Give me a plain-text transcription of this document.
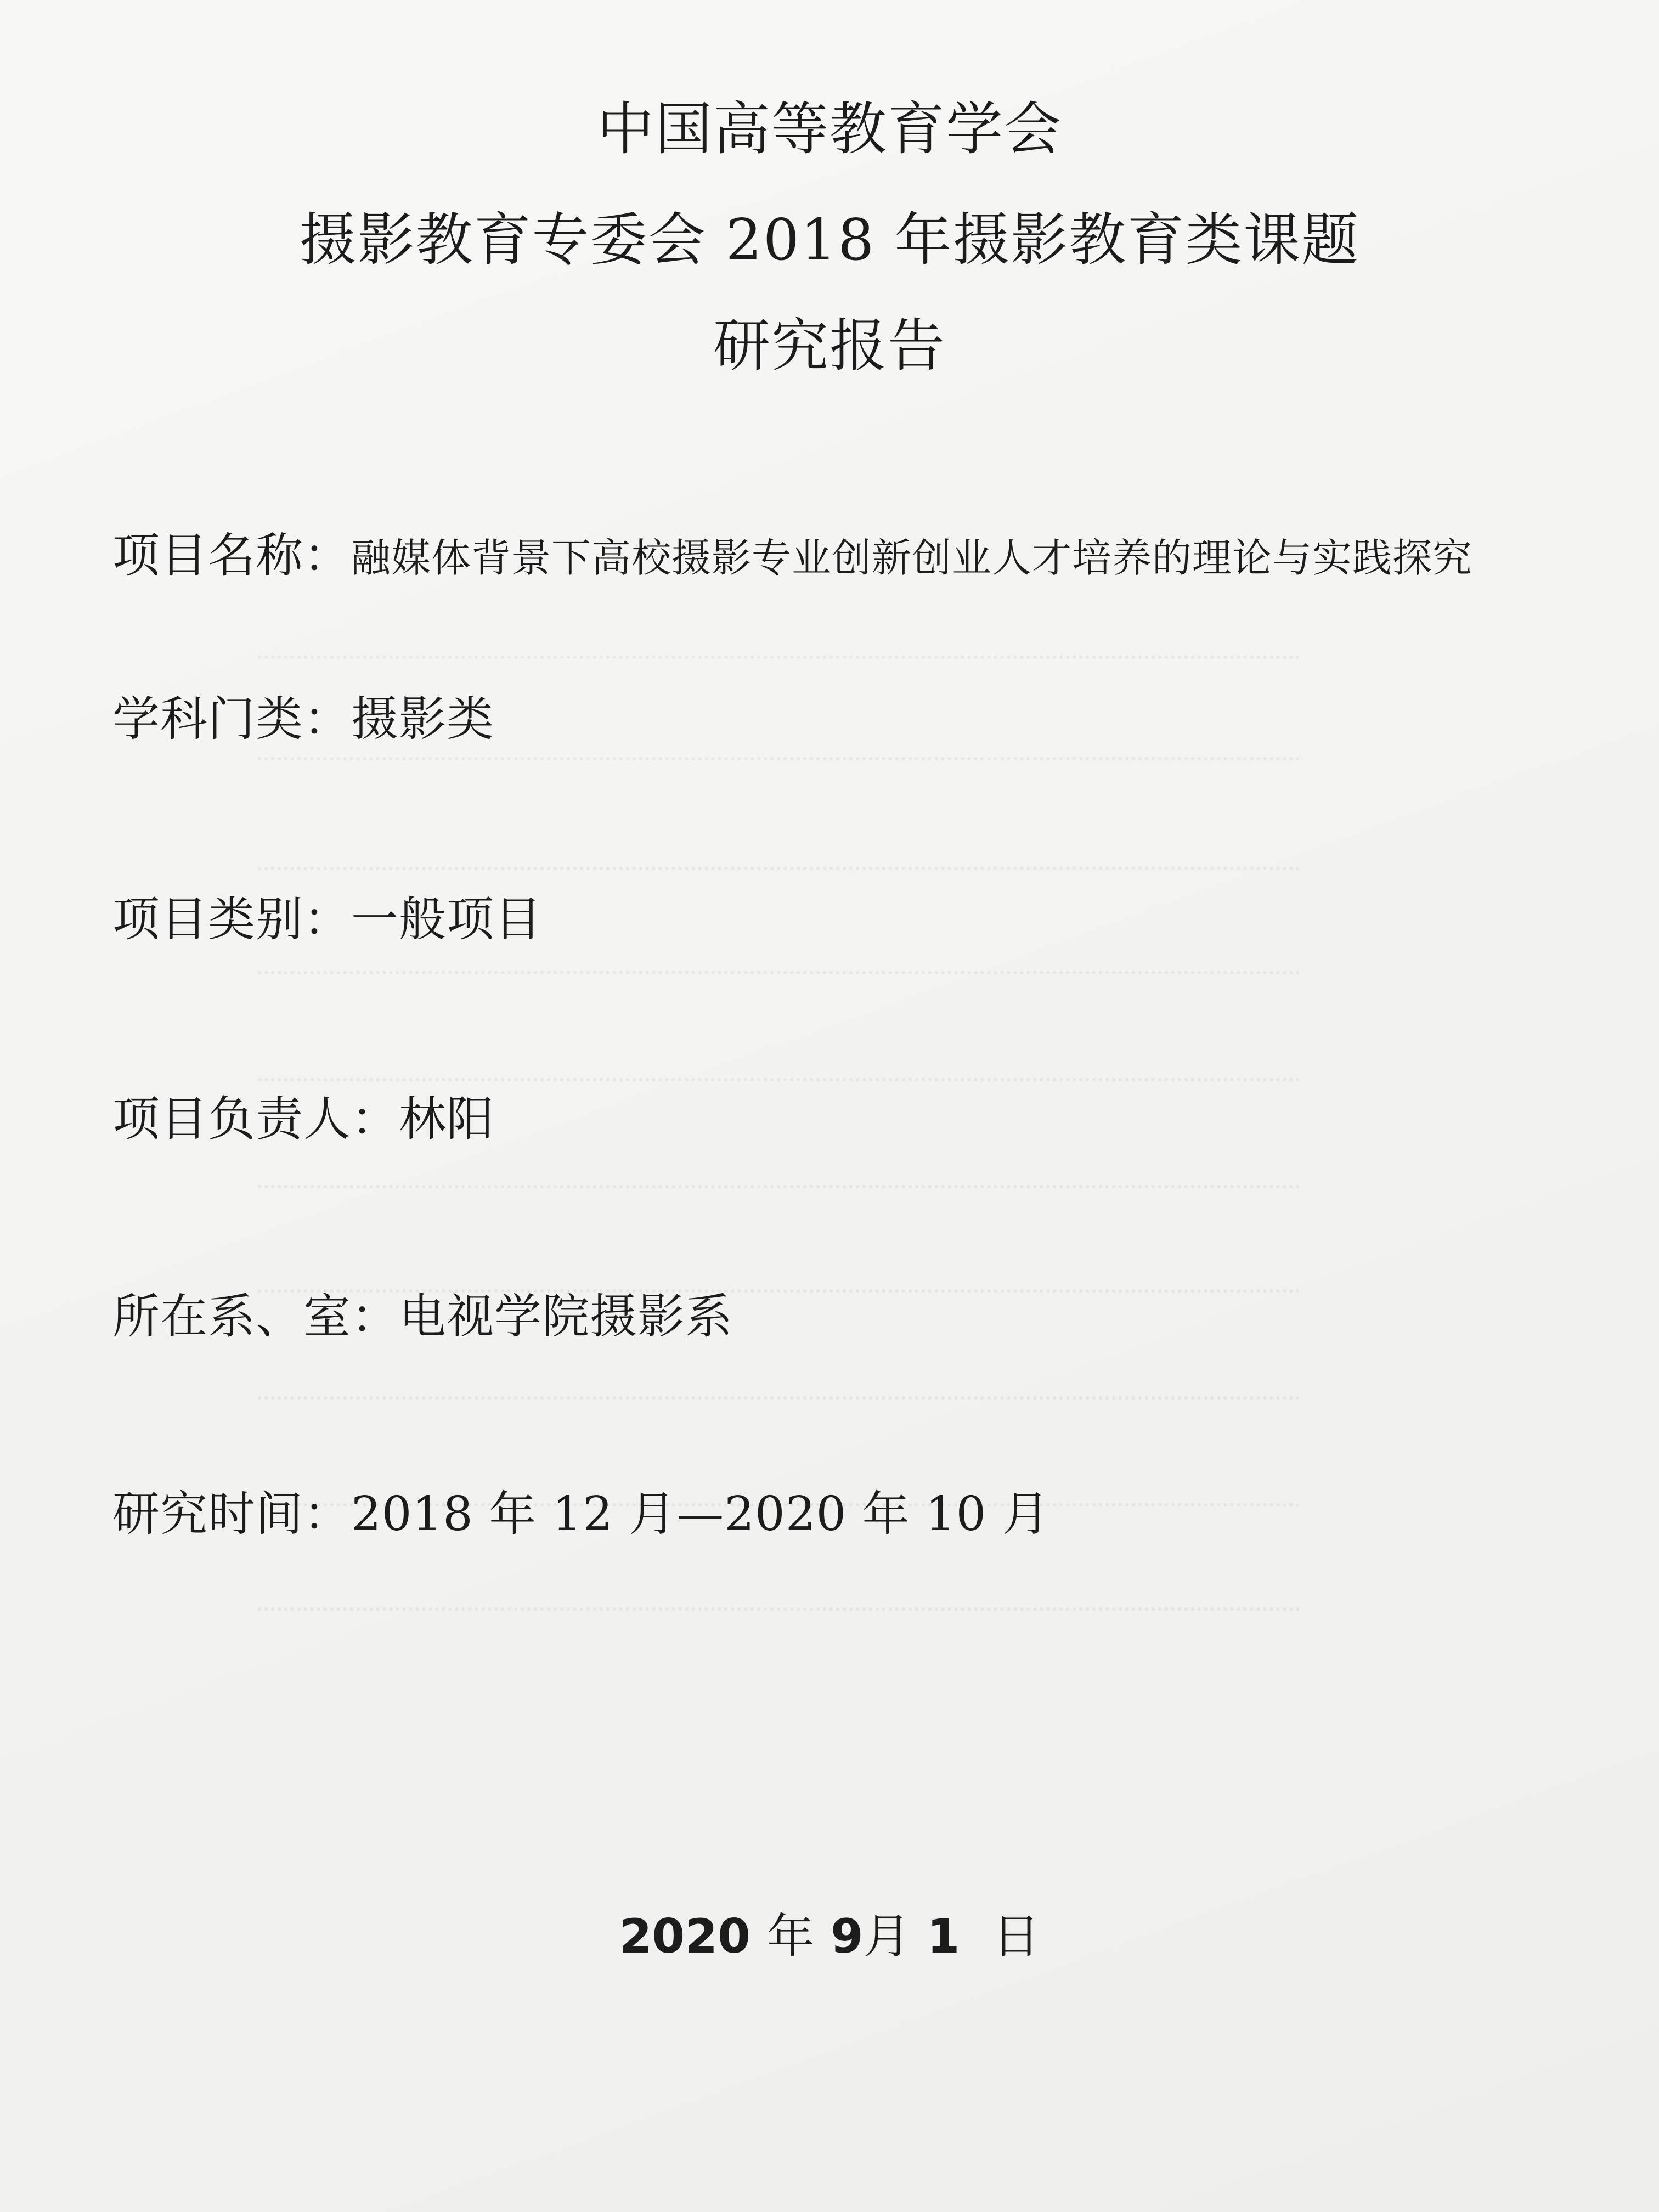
中国高等教育学会
摄影教育专委会 2018 年摄影教育类课题
研究报告
项目名称：融媒体背景下高校摄影专业创新创业人才培养的理论与实践探究
学科门类：摄影类
项目类别：一般项目
项目负责人：林阳
所在系、室：电视学院摄影系
研究时间：2018 年 12 月—2020 年 10 月
2020 年 9月 1 日
